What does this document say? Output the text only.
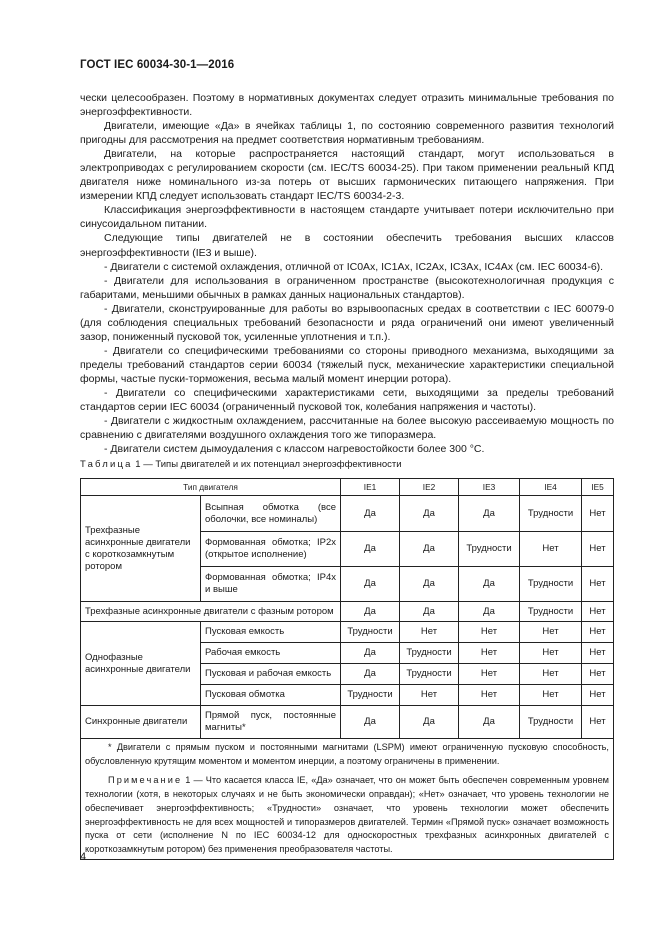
ГОСТ IEC 60034-30-1—2016

чески целесообразен. Поэтому в нормативных документах следует отразить минимальные требования по энергоэффективности.

Двигатели, имеющие «Да» в ячейках таблицы 1, по состоянию современного развития технологий пригодны для рассмотрения на предмет соответствия нормативным требованиям.

Двигатели, на которые распространяется настоящий стандарт, могут использоваться в электроприводах с регулированием скорости (см. IEC/TS 60034-25). При таком применении реальный КПД двигателя ниже номинального из-за потерь от высших гармонических питающего напряжения. При измерении КПД следует использовать стандарт IEC/TS 60034-2-3.

Классификация энергоэффективности в настоящем стандарте учитывает потери исключительно при синусоидальном питании.

Следующие типы двигателей не в состоянии обеспечить требования высших классов энергоэффективности (IE3 и выше).

- Двигатели с системой охлаждения, отличной от IC0Ax, IC1Ax, IC2Ax, IC3Ax, IC4Ax (см. IEC 60034-6).

- Двигатели для использования в ограниченном пространстве (высокотехнологичная продукция с габаритами, меньшими обычных в рамках данных национальных стандартов).

- Двигатели, сконструированные для работы во взрывоопасных средах в соответствии с IEC 60079-0 (для соблюдения специальных требований безопасности и ряда ограничений они имеют увеличенный зазор, пониженный пусковой ток, усиленные уплотнения и т.п.).

- Двигатели со специфическими требованиями со стороны приводного механизма, выходящими за пределы требований стандартов серии 60034 (тяжелый пуск, механические характеристики специальной формы, частые пуски-торможения, весьма малый момент инерции ротора).

- Двигатели со специфическими характеристиками сети, выходящими за пределы требований стандартов серии IEC 60034 (ограниченный пусковой ток, колебания напряжения и частоты).

- Двигатели с жидкостным охлаждением, рассчитанные на более высокую рассеиваемую мощность по сравнению с двигателями воздушного охлаждения того же типоразмера.

- Двигатели систем дымоудаления с классом нагревостойкости более 300 °C.

Таблица 1 — Типы двигателей и их потенциал энергоэффективности
Тип двигателя		IE1	IE2	IE3	IE4	IE5
Трехфазные асинхронные двигатели с короткозамкнутым ротором	Всыпная обмотка (все оболочки, все номиналы)	Да	Да	Да	Трудности	Нет
	Формованная обмотка; IP2x (открытое исполнение)	Да	Да	Трудности	Нет	Нет
	Формованная обмотка; IP4x и выше	Да	Да	Да	Трудности	Нет
Трехфазные асинхронные двигатели с фазным ротором		Да	Да	Да	Трудности	Нет
Однофазные асинхронные двигатели	Пусковая емкость	Трудности	Нет	Нет	Нет	Нет
	Рабочая емкость	Да	Трудности	Нет	Нет	Нет
	Пусковая и рабочая емкость	Да	Трудности	Нет	Нет	Нет
	Пусковая обмотка	Трудности	Нет	Нет	Нет	Нет
Синхронные двигатели	Прямой пуск, постоянные магниты*	Да	Да	Да	Трудности	Нет

* Двигатели с прямым пуском и постоянными магнитами (LSPM) имеют ограниченную пусковую способность, обусловленную крутящим моментом и моментом инерции, а поэтому ограничены в применении.

Примечание 1 — Что касается класса IE, «Да» означает, что он может быть обеспечен современным уровнем технологии (хотя, в некоторых случаях и не быть экономически оправдан); «Нет» означает, что уровень технологии не обеспечивает энергоэффективность; «Трудности» означает, что уровень технологии может обеспечить энергоэффективность не для всех мощностей и типоразмеров двигателей. Термин «Прямой пуск» означает возможность пуска от сети (исполнение N по IEC 60034-12 для односкоростных трехфазных асинхронных двигателей с короткозамкнутым ротором) без применения преобразователя частоты.						

4
